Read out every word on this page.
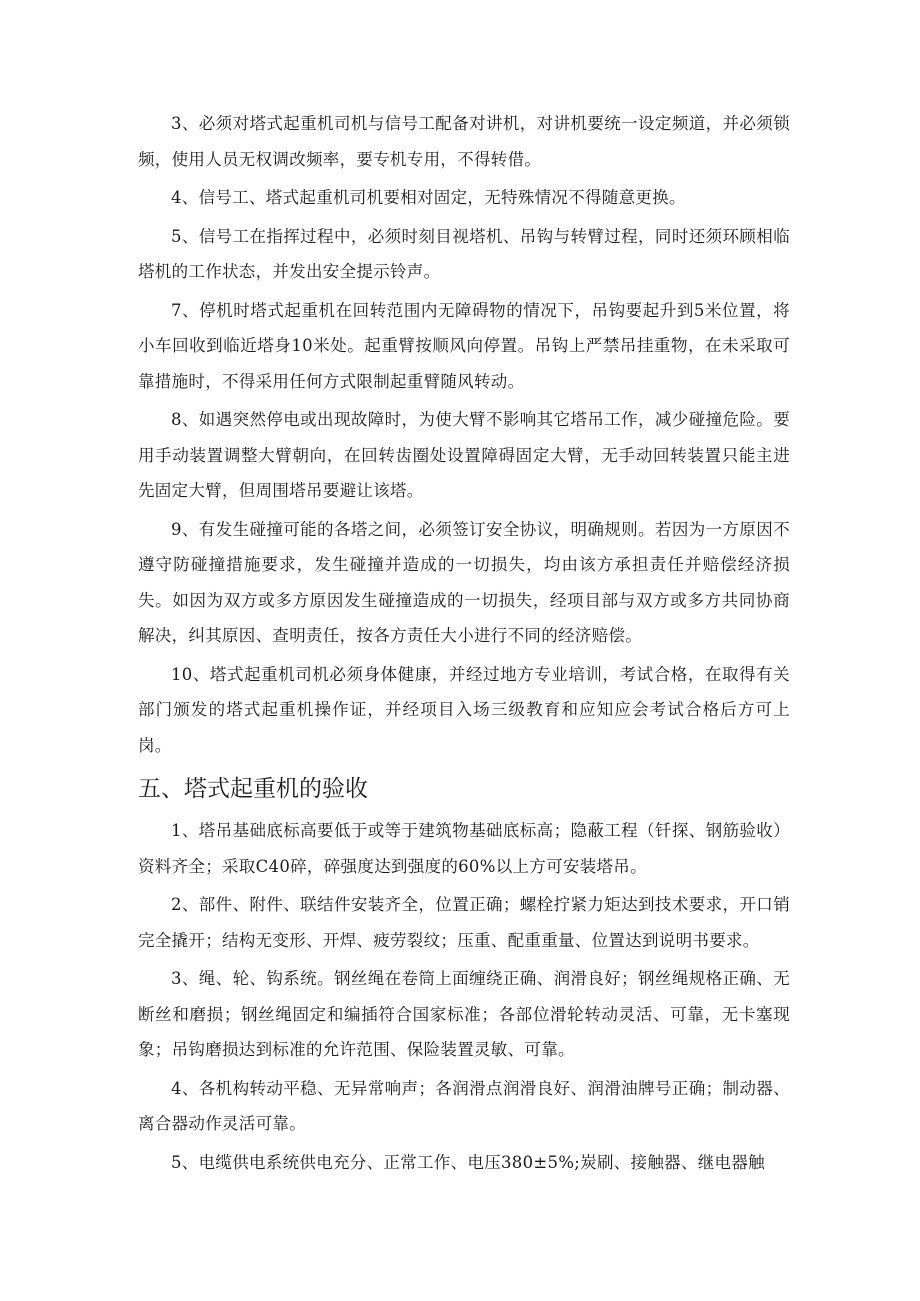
3、必须对塔式起重机司机与信号工配备对讲机，对讲机要统一设定频道，并必须锁频，使用人员无权调改频率，要专机专用，不得转借。

4、信号工、塔式起重机司机要相对固定，无特殊情况不得随意更换。

5、信号工在指挥过程中，必须时刻目视塔机、吊钩与转臂过程，同时还须环顾相临塔机的工作状态，并发出安全提示铃声。

7、停机时塔式起重机在回转范围内无障碍物的情况下，吊钩要起升到5米位置，将小车回收到临近塔身10米处。起重臂按顺风向停置。吊钩上严禁吊挂重物，在未采取可靠措施时，不得采用任何方式限制起重臂随风转动。

8、如遇突然停电或出现故障时，为使大臂不影响其它塔吊工作，减少碰撞危险。要用手动装置调整大臂朝向，在回转齿圈处设置障碍固定大臂，无手动回转装置只能主进先固定大臂，但周围塔吊要避让该塔。

9、有发生碰撞可能的各塔之间，必须签订安全协议，明确规则。若因为一方原因不遵守防碰撞措施要求，发生碰撞并造成的一切损失，均由该方承担责任并赔偿经济损失。如因为双方或多方原因发生碰撞造成的一切损失，经项目部与双方或多方共同协商解决，纠其原因、查明责任，按各方责任大小进行不同的经济赔偿。

10、塔式起重机司机必须身体健康，并经过地方专业培训，考试合格，在取得有关部门颁发的塔式起重机操作证，并经项目入场三级教育和应知应会考试合格后方可上岗。

五、塔式起重机的验收

1、塔吊基础底标高要低于或等于建筑物基础底标高；隐蔽工程（钎探、钢筋验收）资料齐全；采取C40碎，碎强度达到强度的60%以上方可安装塔吊。

2、部件、附件、联结件安装齐全，位置正确；螺栓拧紧力矩达到技术要求，开口销完全撬开；结构无变形、开焊、疲劳裂纹；压重、配重重量、位置达到说明书要求。

3、绳、轮、钩系统。钢丝绳在卷筒上面缠绕正确、润滑良好；钢丝绳规格正确、无断丝和磨损；钢丝绳固定和编插符合国家标准；各部位滑轮转动灵活、可靠，无卡塞现象；吊钩磨损达到标准的允许范围、保险装置灵敏、可靠。

4、各机构转动平稳、无异常响声；各润滑点润滑良好、润滑油牌号正确；制动器、离合器动作灵活可靠。

5、电缆供电系统供电充分、正常工作、电压380±5%;炭刷、接触器、继电器触
